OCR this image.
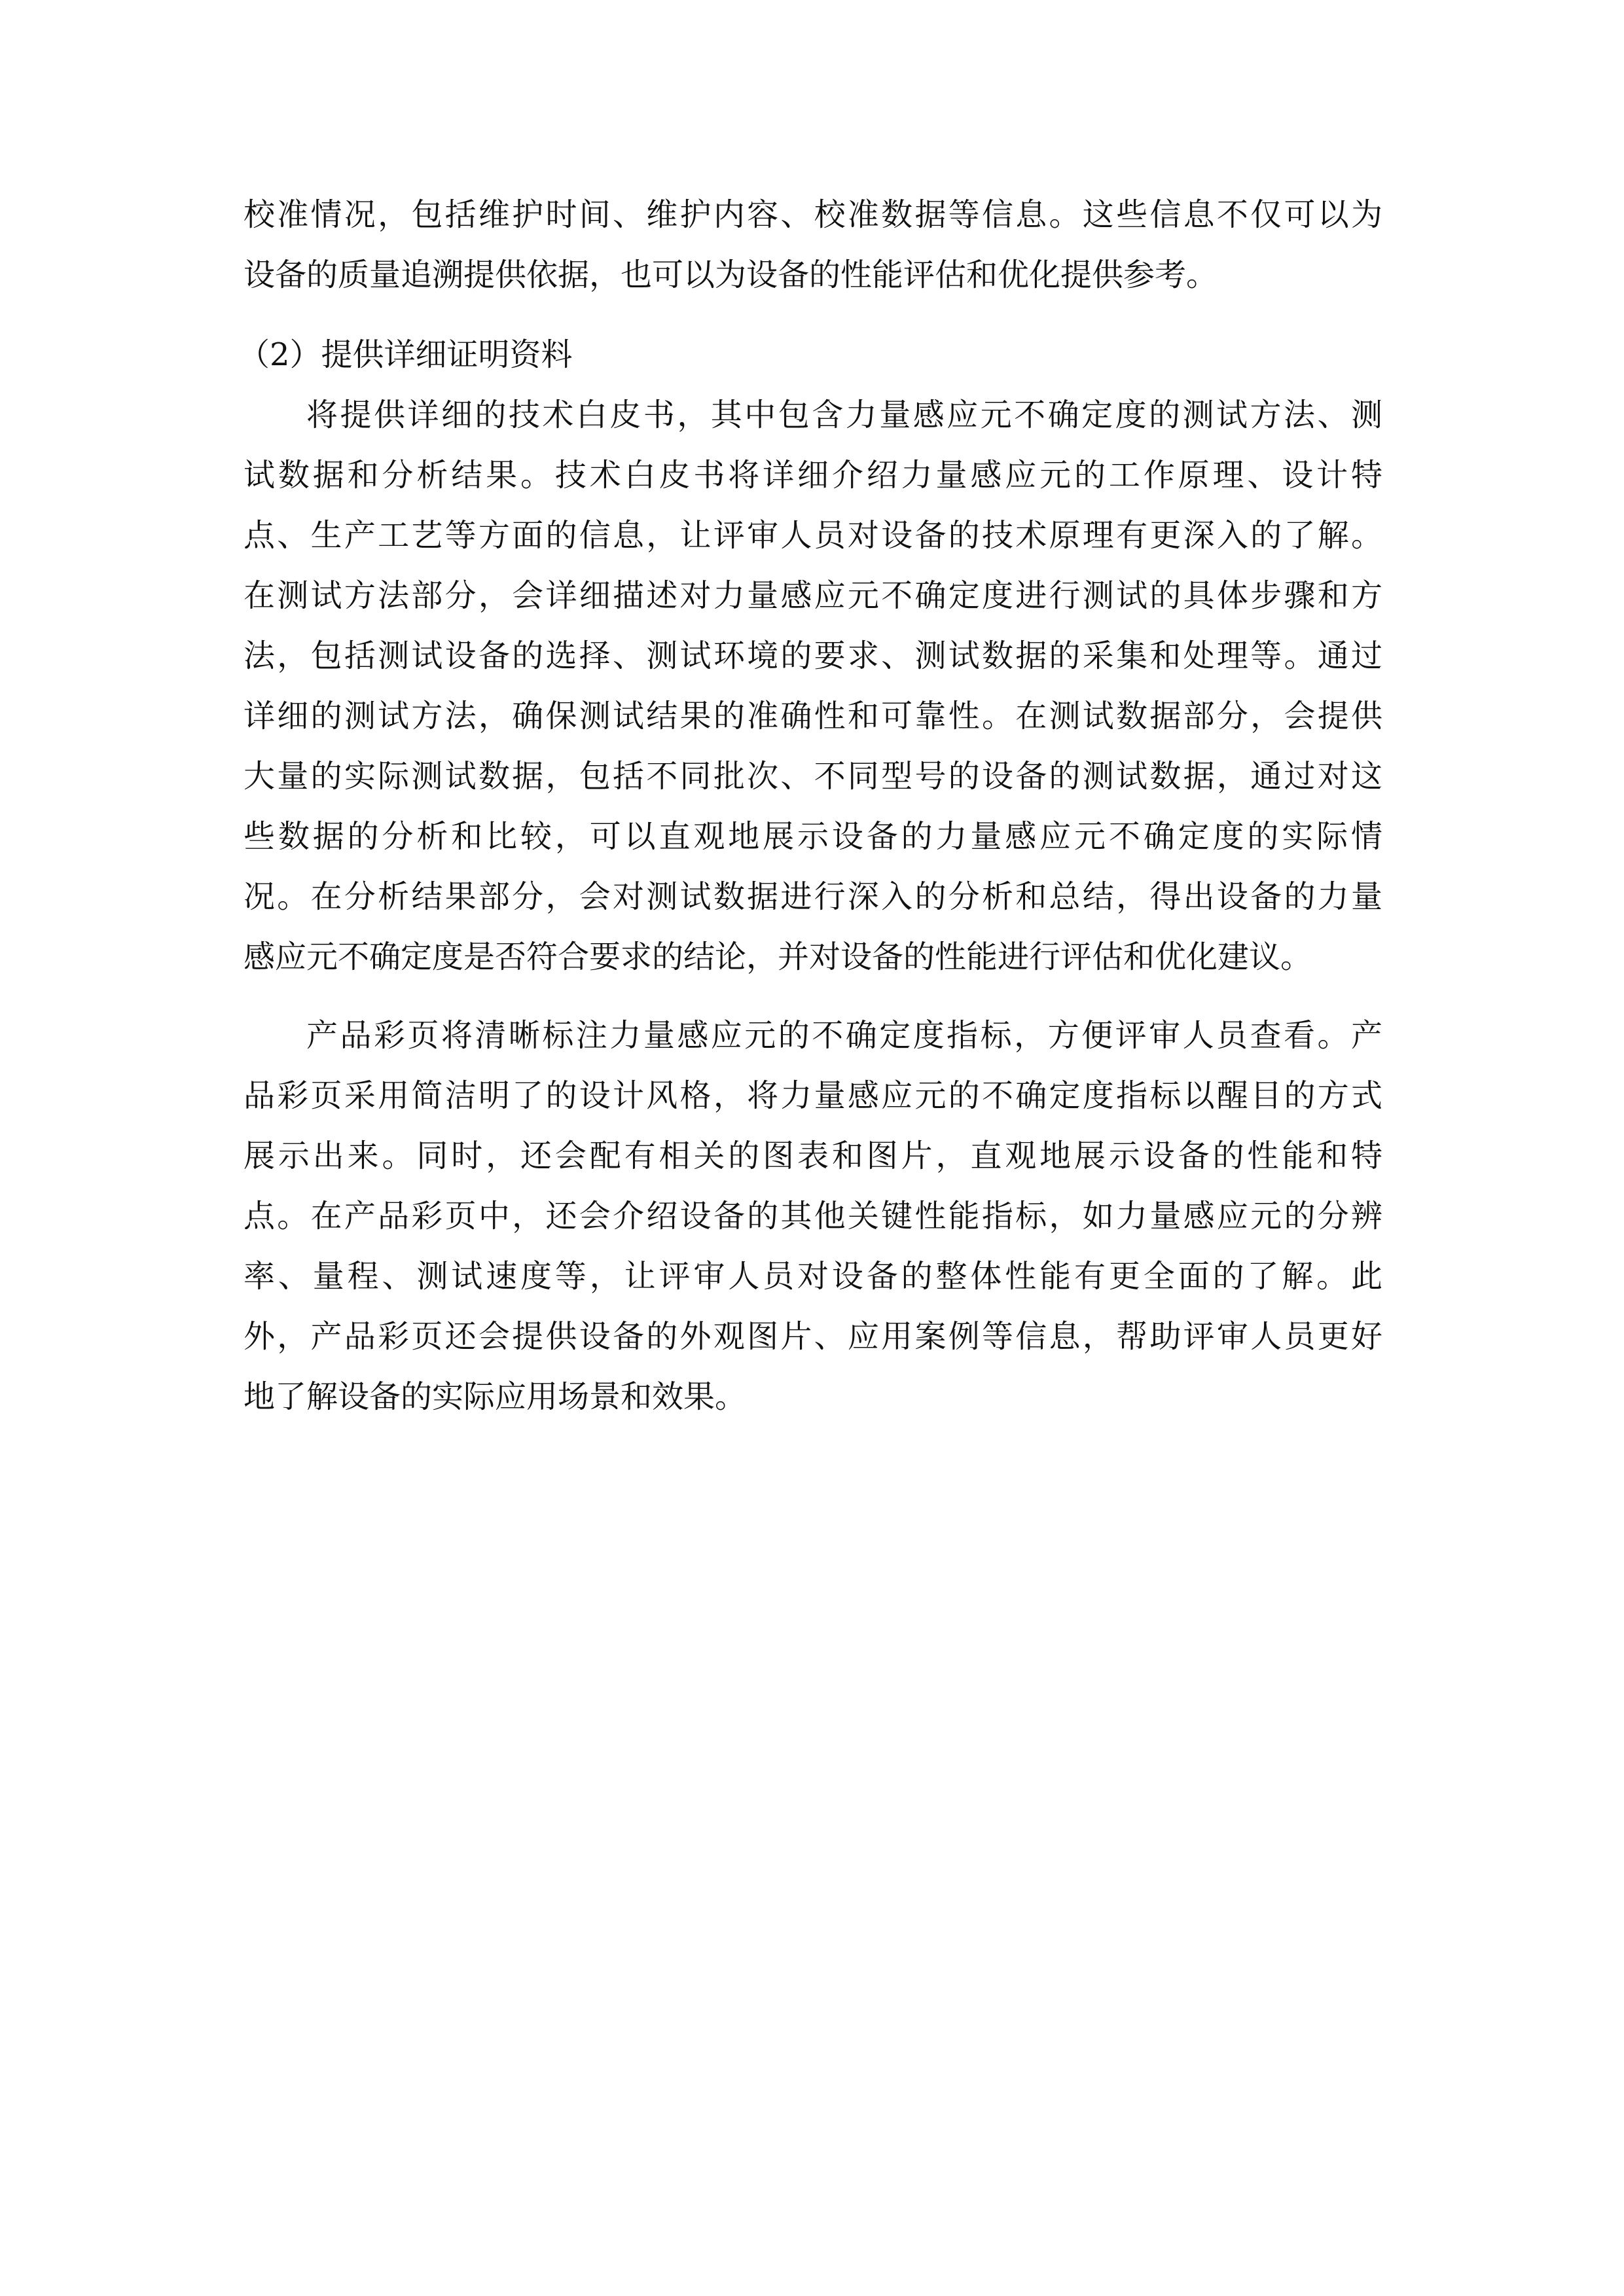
校准情况，包括维护时间、维护内容、校准数据等信息。这些信息不仅可以为
设备的质量追溯提供依据，也可以为设备的性能评估和优化提供参考。

（2）提供详细证明资料

将提供详细的技术白皮书，其中包含力量感应元不确定度的测试方法、测
试数据和分析结果。技术白皮书将详细介绍力量感应元的工作原理、设计特
点、生产工艺等方面的信息，让评审人员对设备的技术原理有更深入的了解。
在测试方法部分，会详细描述对力量感应元不确定度进行测试的具体步骤和方
法，包括测试设备的选择、测试环境的要求、测试数据的采集和处理等。通过
详细的测试方法，确保测试结果的准确性和可靠性。在测试数据部分，会提供
大量的实际测试数据，包括不同批次、不同型号的设备的测试数据，通过对这
些数据的分析和比较，可以直观地展示设备的力量感应元不确定度的实际情
况。在分析结果部分，会对测试数据进行深入的分析和总结，得出设备的力量
感应元不确定度是否符合要求的结论，并对设备的性能进行评估和优化建议。
产品彩页将清晰标注力量感应元的不确定度指标，方便评审人员查看。产
品彩页采用简洁明了的设计风格，将力量感应元的不确定度指标以醒目的方式
展示出来。同时，还会配有相关的图表和图片，直观地展示设备的性能和特
点。在产品彩页中，还会介绍设备的其他关键性能指标，如力量感应元的分辨
率、量程、测试速度等，让评审人员对设备的整体性能有更全面的了解。此
外，产品彩页还会提供设备的外观图片、应用案例等信息，帮助评审人员更好
地了解设备的实际应用场景和效果。
